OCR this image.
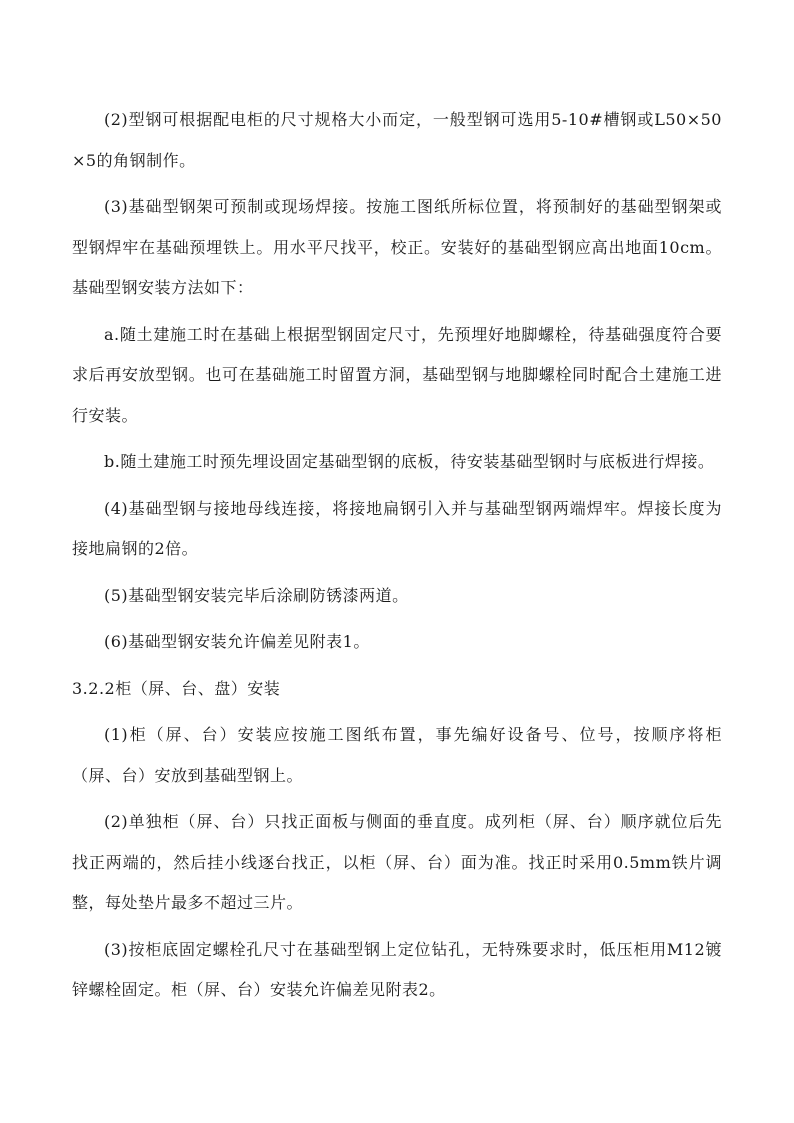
(2)型钢可根据配电柜的尺寸规格大小而定，一般型钢可选用5-10#槽钢或L50×50×5的角钢制作。

(3)基础型钢架可预制或现场焊接。按施工图纸所标位置，将预制好的基础型钢架或型钢焊牢在基础预埋铁上。用水平尺找平，校正。安装好的基础型钢应高出地面10cm。基础型钢安装方法如下：

a.随土建施工时在基础上根据型钢固定尺寸，先预埋好地脚螺栓，待基础强度符合要求后再安放型钢。也可在基础施工时留置方洞，基础型钢与地脚螺栓同时配合土建施工进行安装。

b.随土建施工时预先埋设固定基础型钢的底板，待安装基础型钢时与底板进行焊接。

(4)基础型钢与接地母线连接，将接地扁钢引入并与基础型钢两端焊牢。焊接长度为接地扁钢的2倍。

(5)基础型钢安装完毕后涂刷防锈漆两道。

(6)基础型钢安装允许偏差见附表1。

3.2.2柜（屏、台、盘）安装

(1)柜（屏、台）安装应按施工图纸布置，事先编好设备号、位号，按顺序将柜（屏、台）安放到基础型钢上。

(2)单独柜（屏、台）只找正面板与侧面的垂直度。成列柜（屏、台）顺序就位后先找正两端的，然后挂小线逐台找正，以柜（屏、台）面为准。找正时采用0.5mm铁片调整，每处垫片最多不超过三片。

(3)按柜底固定螺栓孔尺寸在基础型钢上定位钻孔，无特殊要求时，低压柜用M12镀锌螺栓固定。柜（屏、台）安装允许偏差见附表2。
